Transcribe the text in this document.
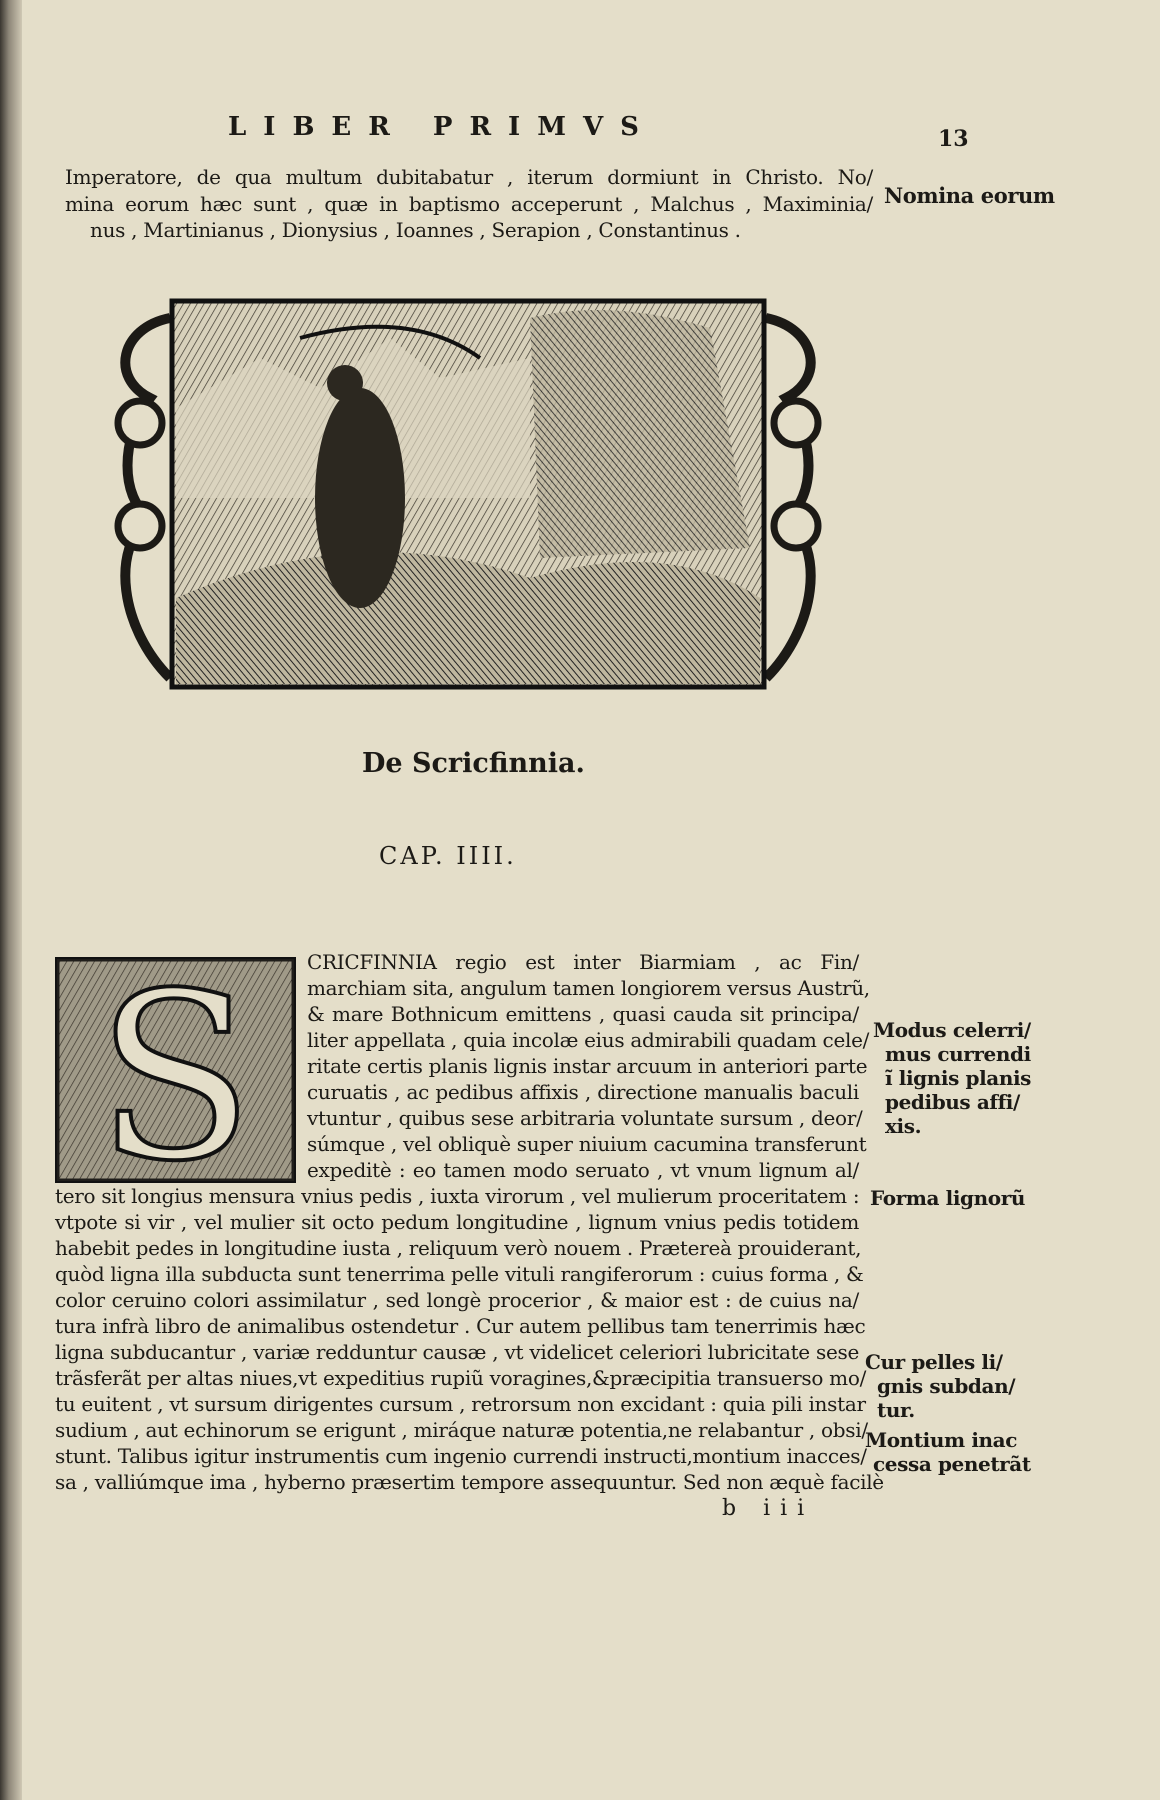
LIBER PRIMVS	13
Imperatore, de qua multum dubitabatur , iterum dormiunt in Christo. No/
mina eorum hæc sunt , quæ in baptismo acceperunt , Malchus , Maximinia/
nus , Martinianus , Dionysius , Ioannes , Serapion , Constantinus .
Nomina eorum
De Scricfinnia.
CAP. IIII.
S	CRICFINNIA regio est inter Biarmiam , ac Fin/
marchiam sita, angulum tamen longiorem versus Austrũ,
& mare Bothnicum emittens , quasi cauda sit principa/
liter appellata , quia incolæ eius admirabili quadam cele/
ritate certis planis lignis instar arcuum in anteriori parte
curuatis , ac pedibus affixis , directione manualis baculi
vtuntur , quibus sese arbitraria voluntate sursum , deor/
súmque , vel obliquè super niuium cacumina transferunt
expeditè : eo tamen modo seruato , vt vnum lignum al/
tero sit longius mensura vnius pedis , iuxta virorum , vel mulierum proceritatem :
vtpote si vir , vel mulier sit octo pedum longitudine , lignum vnius pedis totidem
habebit pedes in longitudine iusta , reliquum verò nouem . Prætereà prouiderant,
quòd ligna illa subducta sunt tenerrima pelle vituli rangiferorum : cuius forma , &
color ceruino colori assimilatur , sed longè procerior , & maior est : de cuius na/
tura infrà libro de animalibus ostendetur . Cur autem pellibus tam tenerrimis hæc
ligna subducantur , variæ redduntur causæ , vt videlicet celeriori lubricitate sese
trãsferãt per altas niues,vt expeditius rupiũ voragines,&præcipitia transuerso mo/
tu euitent , vt sursum dirigentes cursum , retrorsum non excidant : quia pili instar
sudium , aut echinorum se erigunt , miráque naturæ potentia,ne relabantur , obsi/
stunt. Talibus igitur instrumentis cum ingenio currendi instructi,montium inacces/
sa , valliúmque ima , hyberno præsertim tempore assequuntur. Sed non æquè facilè
Modus celerri/
mus currendi
ĩ lignis planis
pedibus affi/
xis.
Forma lignorũ
Cur pelles li/
gnis subdan/
tur.
Montium inac
cessa penetrãt
b iii
